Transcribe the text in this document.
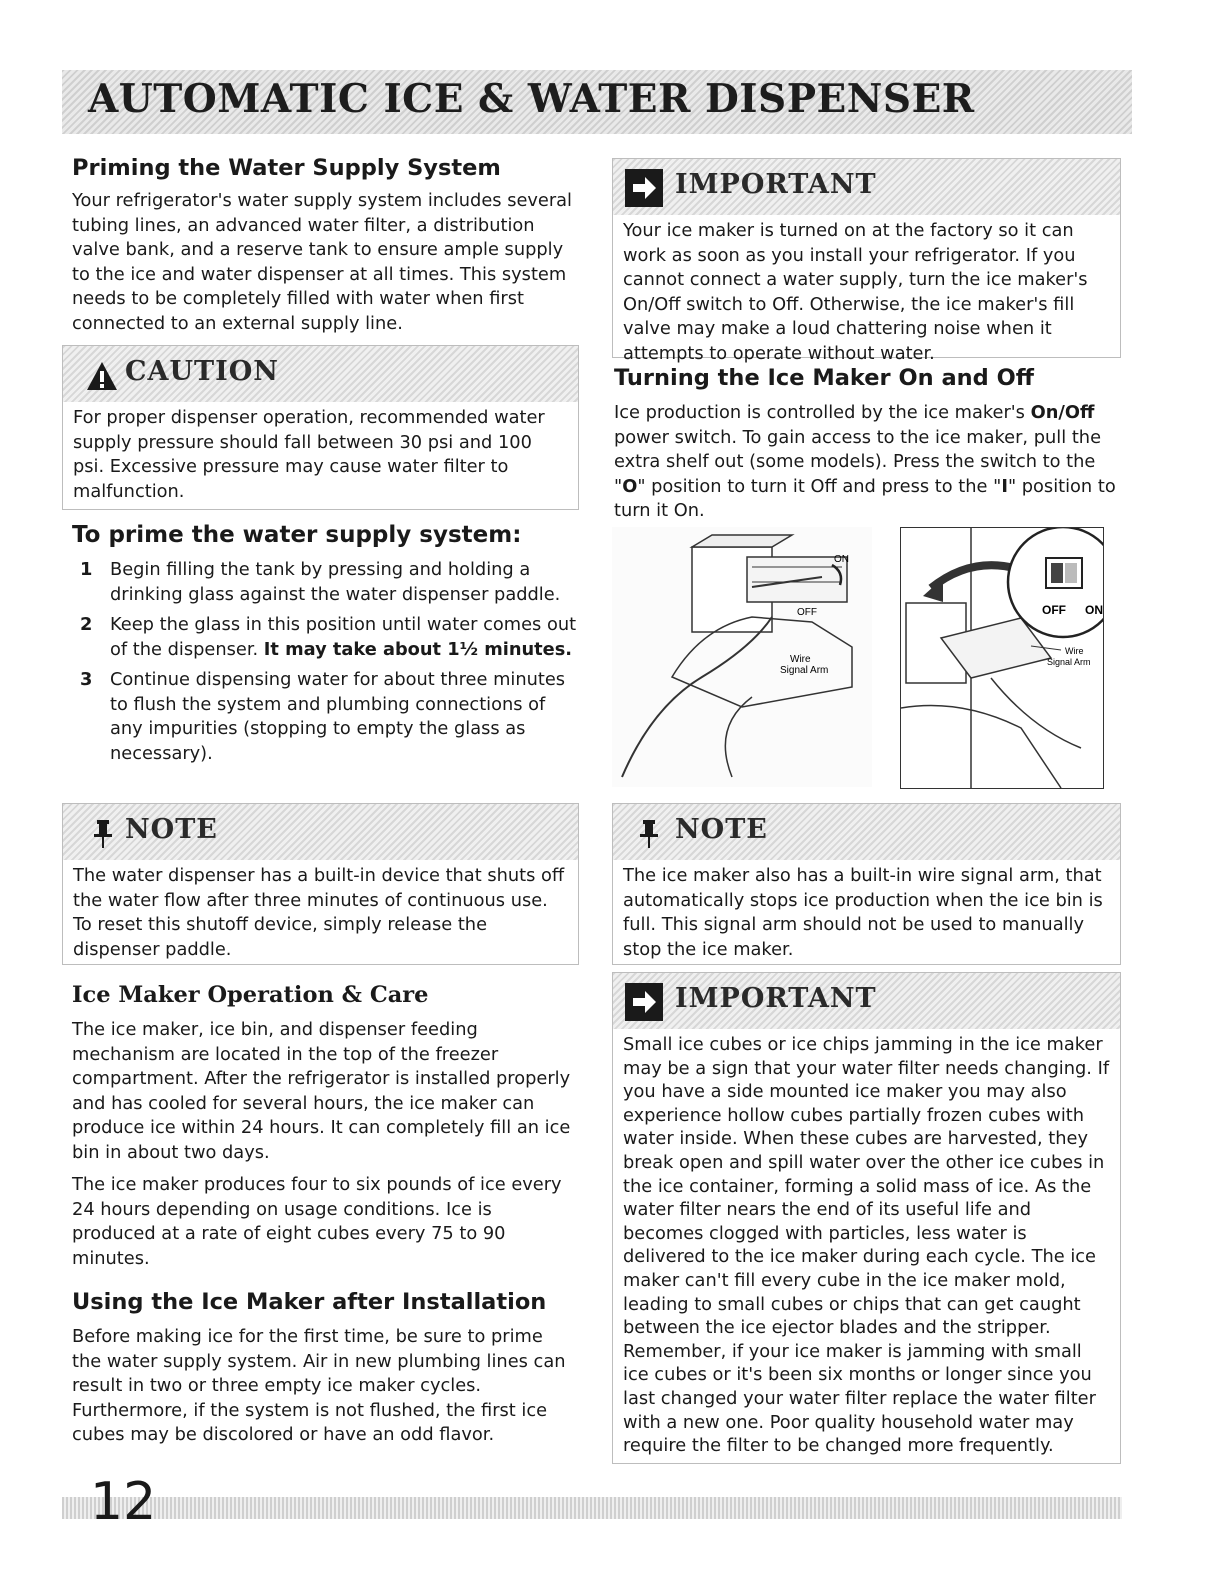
AUTOMATIC ICE & WATER DISPENSER
Priming the Water Supply System

Your refrigerator's water supply system includes several tubing lines, an advanced water filter, a distribution valve bank, and a reserve tank to ensure ample supply to the ice and water dispenser at all times. This system needs to be completely filled with water when first connected to an external supply line.

CAUTION

For proper dispenser operation, recommended water supply pressure should fall between 30 psi and 100 psi. Excessive pressure may cause water filter to malfunction.

To prime the water supply system:
1 Begin filling the tank by pressing and holding a drinking glass against the water dispenser paddle.
2 Keep the glass in this position until water comes out of the dispenser. It may take about 1½ minutes.
3 Continue dispensing water for about three minutes to flush the system and plumbing connections of any impurities (stopping to empty the glass as necessary).
NOTE

The water dispenser has a built-in device that shuts off the water flow after three minutes of continuous use. To reset this shutoff device, simply release the dispenser paddle.

Ice Maker Operation & Care

The ice maker, ice bin, and dispenser feeding mechanism are located in the top of the freezer compartment. After the refrigerator is installed properly and has cooled for several hours, the ice maker can produce ice within 24 hours. It can completely fill an ice bin in about two days.

The ice maker produces four to six pounds of ice every 24 hours depending on usage conditions. Ice is produced at a rate of eight cubes every 75 to 90 minutes.

Using the Ice Maker after Installation

Before making ice for the first time, be sure to prime the water supply system. Air in new plumbing lines can result in two or three empty ice maker cycles. Furthermore, if the system is not flushed, the first ice cubes may be discolored or have an odd flavor.

IMPORTANT

Your ice maker is turned on at the factory so it can work as soon as you install your refrigerator. If you cannot connect a water supply, turn the ice maker's On/Off switch to Off. Otherwise, the ice maker's fill valve may make a loud chattering noise when it attempts to operate without water.

Turning the Ice Maker On and Off

Ice production is controlled by the ice maker's On/Off power switch. To gain access to the ice maker, pull the extra shelf out (some models). Press the switch to the "O" position to turn it Off and press to the "I" position to turn it On.

ON
OFF
Wire
Signal Arm
OFF ON
Wire
Signal Arm
NOTE

The ice maker also has a built-in wire signal arm, that automatically stops ice production when the ice bin is full. This signal arm should not be used to manually stop the ice maker.

IMPORTANT

Small ice cubes or ice chips jamming in the ice maker may be a sign that your water filter needs changing. If you have a side mounted ice maker you may also experience hollow cubes partially frozen cubes with water inside. When these cubes are harvested, they break open and spill water over the other ice cubes in the ice container, forming a solid mass of ice. As the water filter nears the end of its useful life and becomes clogged with particles, less water is delivered to the ice maker during each cycle. The ice maker can't fill every cube in the ice maker mold, leading to small cubes or chips that can get caught between the ice ejector blades and the stripper. Remember, if your ice maker is jamming with small ice cubes or it's been six months or longer since you last changed your water filter replace the water filter with a new one. Poor quality household water may require the filter to be changed more frequently.

12
